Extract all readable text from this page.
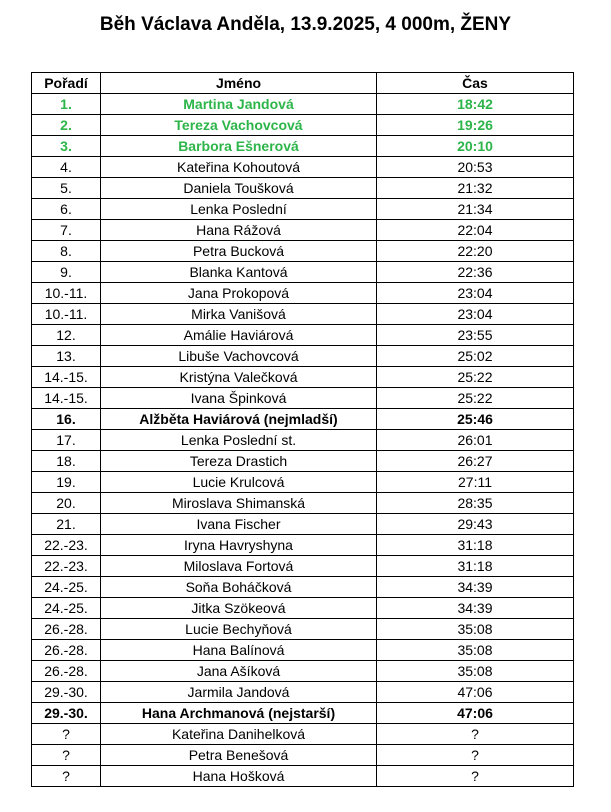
Běh Václava Anděla, 13.9.2025, 4 000m, ŽENY
Pořadí	Jméno	Čas
1.	Martina Jandová	18:42
2.	Tereza Vachovcová	19:26
3.	Barbora Ešnerová	20:10
4.	Kateřina Kohoutová	20:53
5.	Daniela Toušková	21:32
6.	Lenka Poslední	21:34
7.	Hana Rážová	22:04
8.	Petra Bucková	22:20
9.	Blanka Kantová	22:36
10.-11.	Jana Prokopová	23:04
10.-11.	Mirka Vanišová	23:04
12.	Amálie Haviárová	23:55
13.	Libuše Vachovcová	25:02
14.-15.	Kristýna Valečková	25:22
14.-15.	Ivana Špinková	25:22
16.	Alžběta Haviárová (nejmladší)	25:46
17.	Lenka Poslední st.	26:01
18.	Tereza Drastich	26:27
19.	Lucie Krulcová	27:11
20.	Miroslava Shimanská	28:35
21.	Ivana Fischer	29:43
22.-23.	Iryna Havryshyna	31:18
22.-23.	Miloslava Fortová	31:18
24.-25.	Soňa Boháčková	34:39
24.-25.	Jitka Szökeová	34:39
26.-28.	Lucie Bechyňová	35:08
26.-28.	Hana Balínová	35:08
26.-28.	Jana Ašíková	35:08
29.-30.	Jarmila Jandová	47:06
29.-30.	Hana Archmanová (nejstarší)	47:06
?	Kateřina Danihelková	?
?	Petra Benešová	?
?	Hana Hošková	?
